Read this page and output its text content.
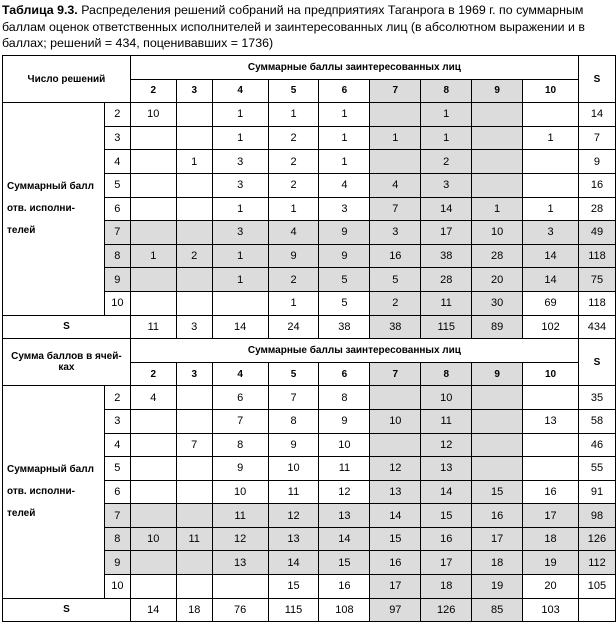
Таблица 9.3. Распределения решений собраний на предприятиях Таганрога в 1969 г. по суммарным баллам оценок ответственных исполнителей и заинтересованных лиц (в абсолютном выражении и в баллах; решений = 434, поценивавших = 1736)
Число решений		Суммарные баллы заинтересованных лиц									S
		2	3	4	5	6	7	8	9	10	

Суммарный балл
отв. исполни-
телей	2	10		1	1	1		1			14
	3			1	2	1	1	1		1	7
	4		1	3	2	1		2			9
	5			3	2	4	4	3			16
	6			1	1	3	7	14	1	1	28
	7			3	4	9	3	17	10	3	49
	8	1	2	1	9	9	16	38	28	14	118
	9			1	2	5	5	28	20	14	75
	10				1	5	2	11	30	69	118
S		11	3	14	24	38	38	115	89	102	434

Сумма баллов в ячей-
ках		Суммарные баллы заинтересованных лиц									S
		2	3	4	5	6	7	8	9	10	

Суммарный балл
отв. исполни-
телей	2	4		6	7	8		10			35
	3			7	8	9	10	11		13	58
	4		7	8	9	10		12			46
	5			9	10	11	12	13			55
	6			10	11	12	13	14	15	16	91
	7			11	12	13	14	15	16	17	98
	8	10	11	12	13	14	15	16	17	18	126
	9			13	14	15	16	17	18	19	112
	10				15	16	17	18	19	20	105
S		14	18	76	115	108	97	126	85	103	
